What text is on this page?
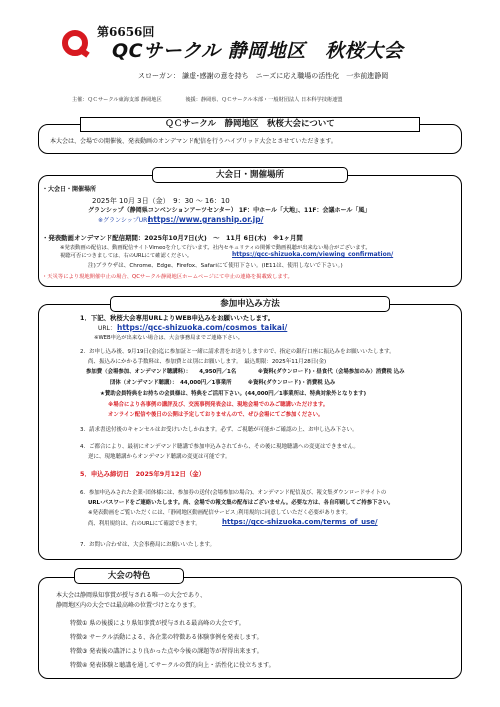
第6656回
QCサークル 静岡地区　秋桜大会
スローガン： 謙虚･感謝の意を持ち　ニーズに応え職場の活性化　一歩前進静岡
主催：ＱＣサークル東海支部 静岡地区	後援：静岡県、ＱＣサークル本部・一般財団法人 日本科学技術連盟
ＱＣサークル　静岡地区　秋桜大会について
本大会は、会場での開催後、発表動画のオンデマンド配信を行うハイブリッド大会とさせていただきます。
大会日・開催場所
・大会日・開催場所
2025年 10月 3日（金）　9：30 ～ 16：10
グランシップ（静岡県コンベンションアーツセンター） 1F：中ホール「大地」、11F：会議ホール「風」
※グランシップURL
https://www.granship.or.jp/
・発表動画オンデマンド配信期間：2025年10月7日(火)　～　11月 6日(木)　※1ヶ月間
※発表動画の配信は、動画配信サイトVimeoを介して行います。社内セキュリティの関係で動画視聴が出来ない場合がございます。
視聴可否につきましては、右のURLにて確認ください。	https://qcc-shizuoka.com/viewing_confirmation/
注)ブラウザは、Chrome、Edge、Firefox、Safariにて使用下さい。(IE11は、使用しないで下さい。)
・天災等により現地開催中止の場合、QCサークル静岡地区ホームページにて中止の連絡を掲載致します。
参加申込み方法
1．下記、秋桜大会専用URLよりWEB申込みをお願いいたします。
URL： https://qcc-shizuoka.com/cosmos_taikai/
※WEB申込が出来ない場合は、大会事務局までご連絡下さい。
2．お申し込み後、9月19日(金)迄に参加証と一緒に請求書をお送りしますので、指定の銀行口座に振込みをお願いいたします。
尚、振込みにかかる手数料は、参加費とは別にお願いします。　最込期限：2025年11月28日(金)
参加費（会場参加、オンデマンド聴講料）：　　4,950円／1名　　　　※資料(ダウンロード)・昼食代（会場参加のみ）消費税 込み
団体（オンデマンド聴講）：　44,000円／1事業所　　　※資料(ダウンロード)・消費税 込み
★賛助会員特典をお持ちの会員様は、特典をご活用下さい。(44,000円／1事業所は、特典対象外となります)
※場合により各事例の講評及び、交流事例発表会は、現地会場でのみご聴講いただけます。
オンライン配信や後日の公開は予定しておりませんので、ぜひ会場にてご参加ください。
3．請求書送付後のキャンセルはお受けいたしかねます。必ず、ご視聴が可能かご確認の上、お申し込み下さい。
4．ご都合により、最初にオンデマンド聴講で参加申込みされてから、その後に現地聴講への変更はできません。
逆に、現地聴講からオンデマンド聴講の変更は可能です。
5．申込み締切日　2025年9月12日（金）
6．参加申込みされた企業･団体様には、参加券の送付(会場参加の場合)、オンデマンド配信及び、報文集ダウンロードサイトの
URL･パスワードをご連絡いたします。尚、会場での報文集の配布はございません。必要な方は、各自印刷してご持参下さい。
※発表動画をご覧いただくには、｢静岡地区動画配信サービス｣利用規約に同意していただく必要があります。
尚、利用規約は、右のURLにて確認できます。	https://qcc-shizuoka.com/terms_of_use/
7．お問い合わせは、大会事務局にお願いいたします。
大会の特色
本大会は静岡県知事賞が授与される唯一の大会であり、
静岡地区内の大会では最高峰の位置づけとなります。
特徴① 県の後援により県知事賞が授与される最高峰の大会です。
特徴② サークル活動による、各企業の特徴ある体験事例を発表します。
特徴③ 発表後の講評により良かった点や今後の課題等が習得出来ます。
特徴④ 発表体験と聴講を通してサークルの質的向上・活性化に役立ちます。
